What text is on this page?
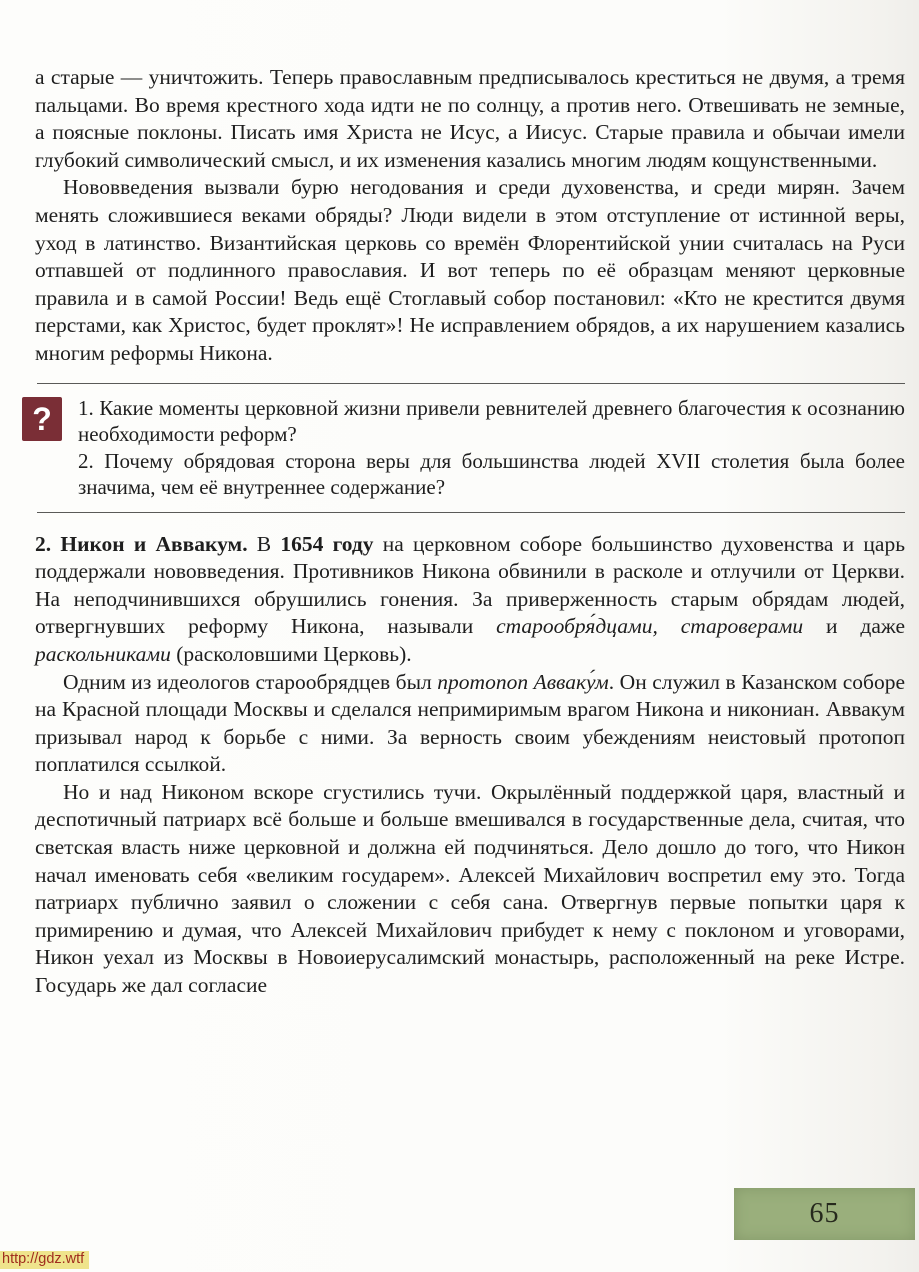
а старые — уничтожить. Теперь православным предписывалось креститься не двумя, а тремя пальцами. Во время крестного хода идти не по солнцу, а против него. Отвешивать не земные, а поясные поклоны. Писать имя Христа не Исус, а Иисус. Старые правила и обычаи имели глубокий символический смысл, и их изменения казались многим людям кощунственными.

Нововведения вызвали бурю негодования и среди духовенства, и среди мирян. Зачем менять сложившиеся веками обряды? Люди видели в этом отступление от истинной веры, уход в латинство. Византийская церковь со времён Флорентийской унии считалась на Руси отпавшей от подлинного православия. И вот теперь по её образцам меняют церковные правила и в самой России! Ведь ещё Стоглавый собор постановил: «Кто не крестится двумя перстами, как Христос, будет проклят»! Не исправлением обрядов, а их нарушением казались многим реформы Никона.

?	1. Какие моменты церковной жизни привели ревнителей древнего благочестия к осознанию необходимости реформ?

2. Почему обрядовая сторона веры для большинства людей XVII столетия была более значима, чем её внутреннее содержание?

2. Никон и Аввакум. В 1654 году на церковном соборе большинство духовенства и царь поддержали нововведения. Противников Никона обвинили в расколе и отлучили от Церкви. На неподчинившихся обрушились гонения. За приверженность старым обрядам людей, отвергнувших реформу Никона, называли старообря́дцами, староверами и даже раскольниками (расколовшими Церковь).

Одним из идеологов старообрядцев был протопоп Авваку́м. Он служил в Казанском соборе на Красной площади Москвы и сделался непримиримым врагом Никона и никониан. Аввакум призывал народ к борьбе с ними. За верность своим убеждениям неистовый протопоп поплатился ссылкой.

Но и над Никоном вскоре сгустились тучи. Окрылённый поддержкой царя, властный и деспотичный патриарх всё больше и больше вмешивался в государственные дела, считая, что светская власть ниже церковной и должна ей подчиняться. Дело дошло до того, что Никон начал именовать себя «великим государем». Алексей Михайлович воспретил ему это. Тогда патриарх публично заявил о сложении с себя сана. Отвергнув первые попытки царя к примирению и думая, что Алексей Михайлович прибудет к нему с поклоном и уговорами, Никон уехал из Москвы в Новоиерусалимский монастырь, расположенный на реке Истре. Государь же дал согласие

65
http://gdz.wtf
